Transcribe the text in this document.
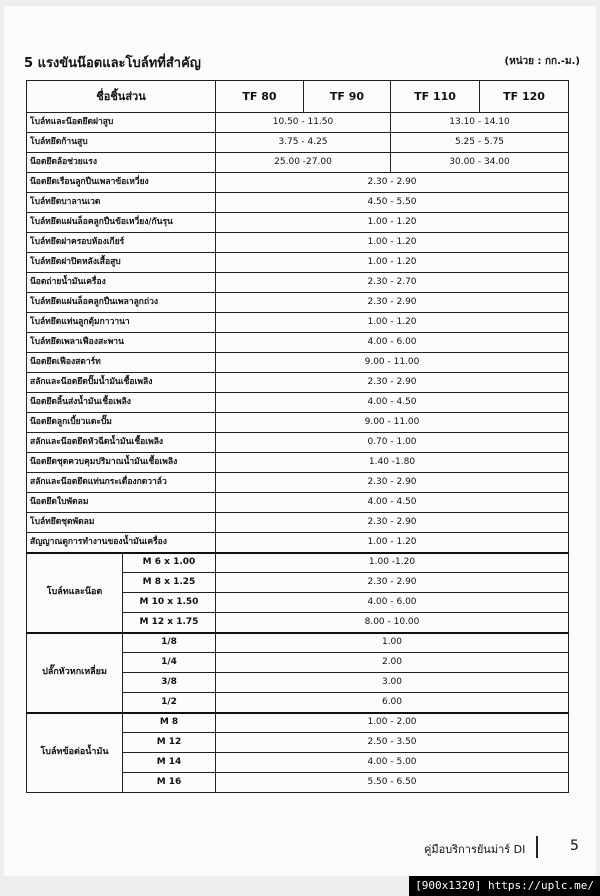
5 แรงขันน๊อตและโบล์ทที่สำคัญ	(หน่วย : กก.-ม.)
ชื่อชิ้นส่วน		TF 80	TF 90	TF 110	TF 120
โบล์ทและน๊อตยึดฝาสูบ		10.50 - 11.50		13.10 - 14.10	
โบล์ทยึดก้านสูบ		3.75 - 4.25		5.25 - 5.75	
น๊อตยึดล้อช่วยแรง		25.00 -27.00		30.00 - 34.00	
น๊อตยึดเรือนลูกปืนเพลาข้อเหวี่ยง		2.30 - 2.90			
โบล์ทยึดบาลานเวด		4.50 - 5.50			
โบล์ทยึดแผ่นล็อคลูกปืนข้อเหวี่ยง/กันรุน		1.00 - 1.20			
โบล์ทยึดฝาครอบห้องเกียร์		1.00 - 1.20			
โบล์ทยึดฝาปิดหลังเสื้อสูบ		1.00 - 1.20			
น๊อตถ่ายน้ำมันเครื่อง		2.30 - 2.70			
โบล์ทยึดแผ่นล็อคลูกปืนเพลาลูกถ่วง		2.30 - 2.90			
โบล์ทยึดแท่นลูกตุ้มกาวานา		1.00 - 1.20			
โบล์ทยึดเพลาเฟืองสะพาน		4.00 - 6.00			
น๊อตยึดเฟืองสตาร์ท		9.00 - 11.00			
สลักและน๊อตยึดปั๊มน้ำมันเชื้อเพลิง		2.30 - 2.90			
น๊อตยึดลิ้นส่งน้ำมันเชื้อเพลิง		4.00 - 4.50			
น๊อตยึดลูกเบี้ยวแดะปั๊ม		9.00 - 11.00			
สลักและน๊อตยึดหัวฉีดน้ำมันเชื้อเพลิง		0.70 - 1.00			
น๊อตยึดชุดควบคุมปริมาณน้ำมันเชื้อเพลิง		1.40 -1.80			
สลักและน๊อตยึดแท่นกระเดื่องกดวาล์ว		2.30 - 2.90			
น๊อตยึดใบพัดลม		4.00 - 4.50			
โบล์ทยึดชุดพัดลม		2.30 - 2.90			
สัญญาณดูการทำงานของน้ำมันเครื่อง		1.00 - 1.20			
โบล์ทและน๊อต	M 6 x 1.00	1.00 -1.20			
	M 8 x 1.25	2.30 - 2.90			
	M 10 x 1.50	4.00 - 6.00			
	M 12 x 1.75	8.00 - 10.00			
ปลั๊กหัวหกเหลี่ยม	1/8	1.00			
	1/4	2.00			
	3/8	3.00			
	1/2	6.00			
โบล์ทข้อต่อน้ำมัน	M 8	1.00 - 2.00			
	M 12	2.50 - 3.50			
	M 14	4.00 - 5.00			
	M 16	5.50 - 6.50			
คู่มือบริการยันม่าร์ DI	5
[900x1320] https://uplc.me/
